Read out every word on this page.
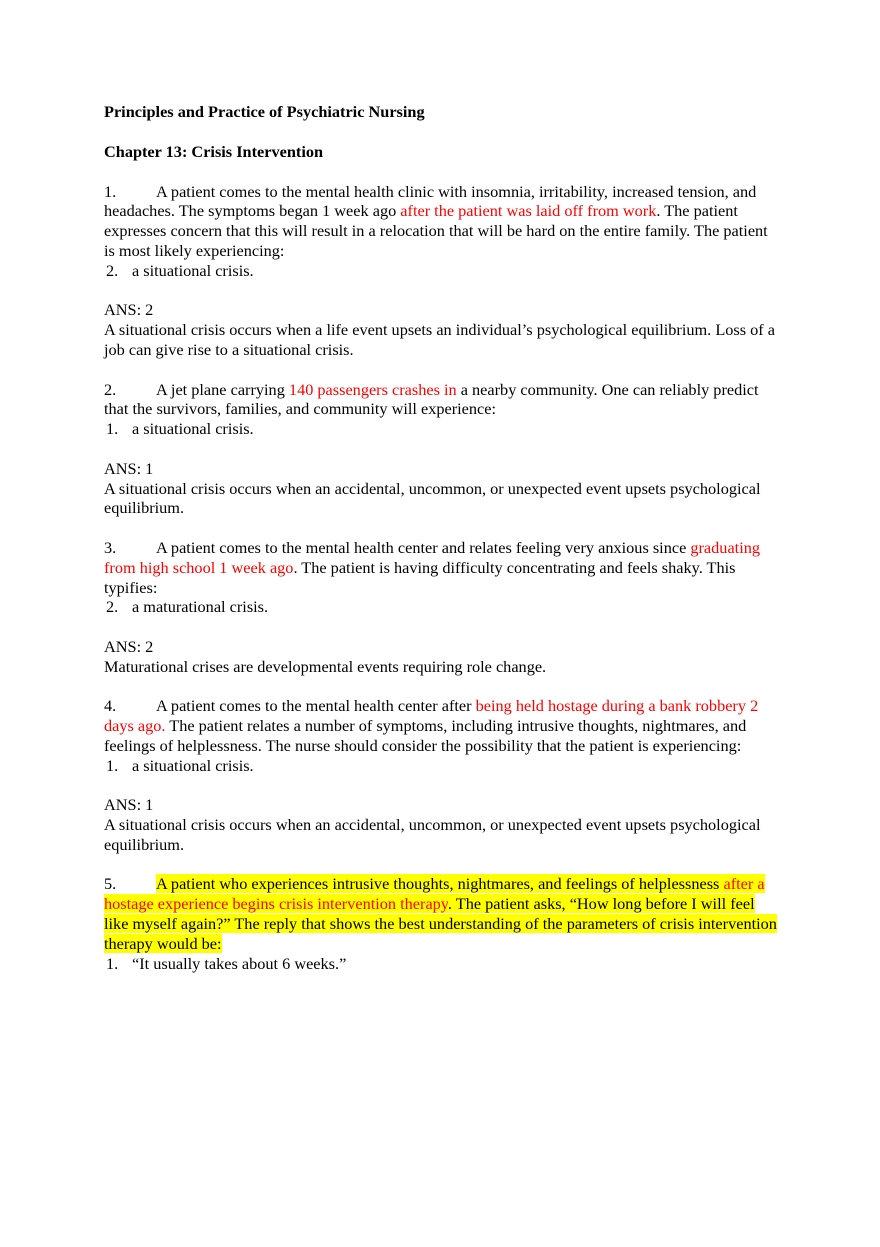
Principles and Practice of Psychiatric Nursing

Chapter 13: Crisis Intervention

1. A patient comes to the mental health clinic with insomnia, irritability, increased tension, and headaches. The symptoms began 1 week ago after the patient was laid off from work. The patient expresses concern that this will result in a relocation that will be hard on the entire family. The patient is most likely experiencing:

2. a situational crisis.

ANS: 2

A situational crisis occurs when a life event upsets an individual’s psychological equilibrium. Loss of a job can give rise to a situational crisis.

2. A jet plane carrying 140 passengers crashes in a nearby community. One can reliably predict that the survivors, families, and community will experience:

1. a situational crisis.

ANS: 1

A situational crisis occurs when an accidental, uncommon, or unexpected event upsets psychological equilibrium.

3. A patient comes to the mental health center and relates feeling very anxious since graduating from high school 1 week ago. The patient is having difficulty concentrating and feels shaky. This typifies:

2. a maturational crisis.

ANS: 2

Maturational crises are developmental events requiring role change.

4. A patient comes to the mental health center after being held hostage during a bank robbery 2 days ago. The patient relates a number of symptoms, including intrusive thoughts, nightmares, and feelings of helplessness. The nurse should consider the possibility that the patient is experiencing:

1. a situational crisis.

ANS: 1

A situational crisis occurs when an accidental, uncommon, or unexpected event upsets psychological equilibrium.

5. A patient who experiences intrusive thoughts, nightmares, and feelings of helplessness after a hostage experience begins crisis intervention therapy. The patient asks, “How long before I will feel like myself again?” The reply that shows the best understanding of the parameters of crisis intervention therapy would be:

1. “It usually takes about 6 weeks.”
